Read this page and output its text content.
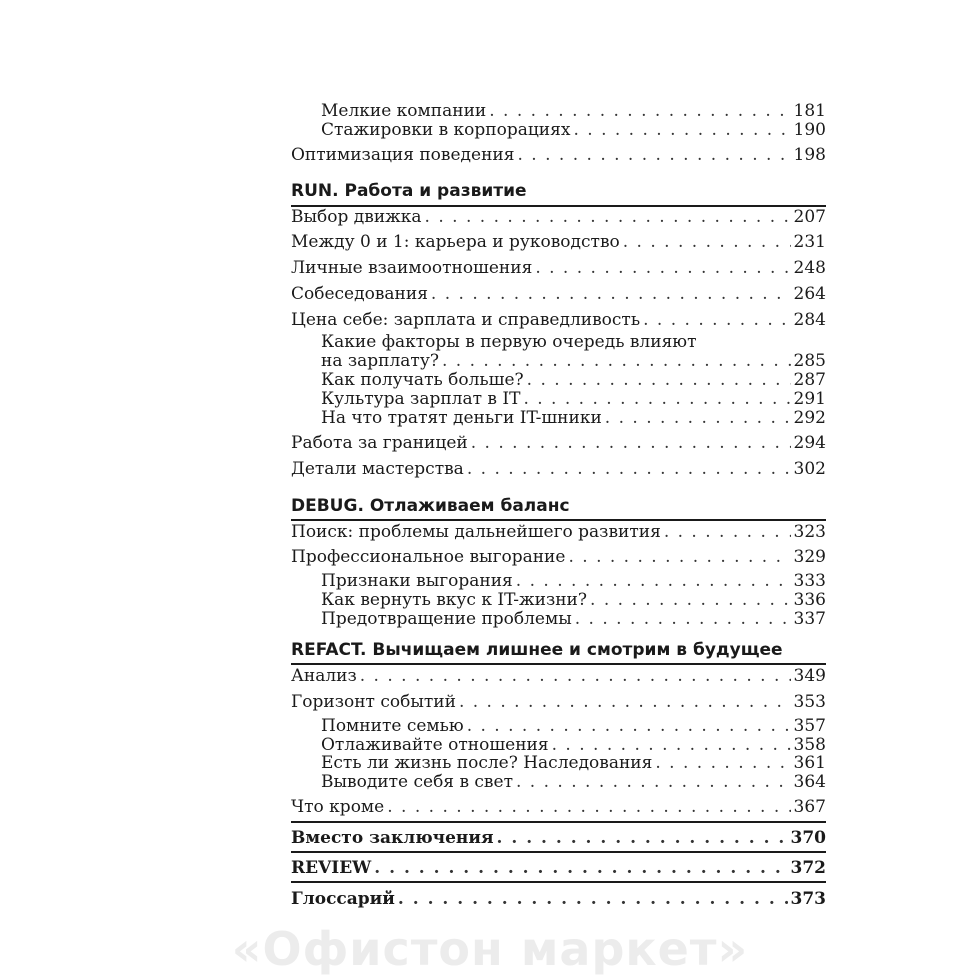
Мелкие компании . . .	181
Стажировки в корпорациях . . .	190
Оптимизация поведения . . .	198
RUN. Работа и развитие
Выбор движка . . .	207
Между 0 и 1: карьера и руководство . . .	231
Личные взаимоотношения . . .	248
Собеседования . . .	264
Цена себе: зарплата и справедливость . . .	284
Какие факторы в первую очередь влияют
на зарплату? . . .	285
Как получать больше? . . .	287
Культура зарплат в IT . . .	291
На что тратят деньги IT-шники . . .	292
Работа за границей . . .	294
Детали мастерства . . .	302
DEBUG. Отлаживаем баланс
Поиск: проблемы дальнейшего развития . . .	323
Профессиональное выгорание . . .	329
Признаки выгорания . . .	333
Как вернуть вкус к IT-жизни? . . .	336
Предотвращение проблемы . . .	337
REFACT. Вычищаем лишнее и смотрим в будущее
Анализ . . .	349
Горизонт событий . . .	353
Помните семью . . .	357
Отлаживайте отношения . . .	358
Есть ли жизнь после? Наследования . . .	361
Выводите себя в свет . . .	364
Что кроме . . .	367
Вместо заключения . . .	370
REVIEW . . .	372
Глоссарий . . .	373
«Офистон маркет»
